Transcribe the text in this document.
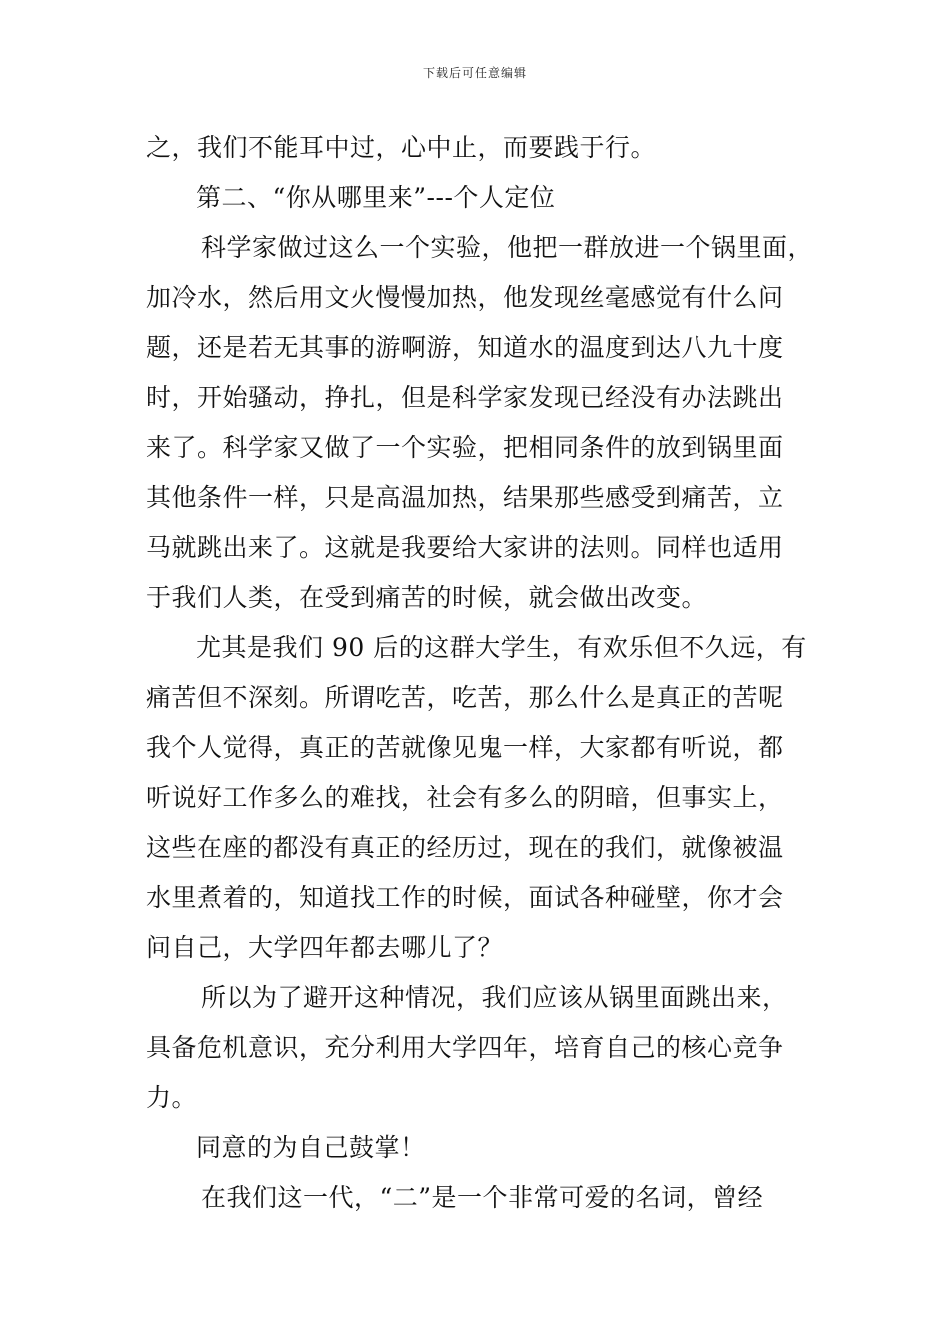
下载后可任意编辑
之，我们不能耳中过，心中止，而要践于行。
第二、“你从哪里来”---个人定位
科学家做过这么一个实验，他把一群放进一个锅里面，
加冷水，然后用文火慢慢加热，他发现丝毫感觉有什么问
题，还是若无其事的游啊游，知道水的温度到达八九十度
时，开始骚动，挣扎，但是科学家发现已经没有办法跳出
来了。科学家又做了一个实验，把相同条件的放到锅里面
其他条件一样，只是高温加热，结果那些感受到痛苦，立
马就跳出来了。这就是我要给大家讲的法则。同样也适用
于我们人类，在受到痛苦的时候，就会做出改变。
尤其是我们 90 后的这群大学生，有欢乐但不久远，有
痛苦但不深刻。所谓吃苦，吃苦，那么什么是真正的苦呢
我个人觉得，真正的苦就像见鬼一样，大家都有听说，都
听说好工作多么的难找，社会有多么的阴暗，但事实上，
这些在座的都没有真正的经历过，现在的我们，就像被温
水里煮着的，知道找工作的时候，面试各种碰壁，你才会
问自己，大学四年都去哪儿了？
所以为了避开这种情况，我们应该从锅里面跳出来，
具备危机意识，充分利用大学四年，培育自己的核心竞争
力。
同意的为自己鼓掌！
在我们这一代，“二”是一个非常可爱的名词，曾经
